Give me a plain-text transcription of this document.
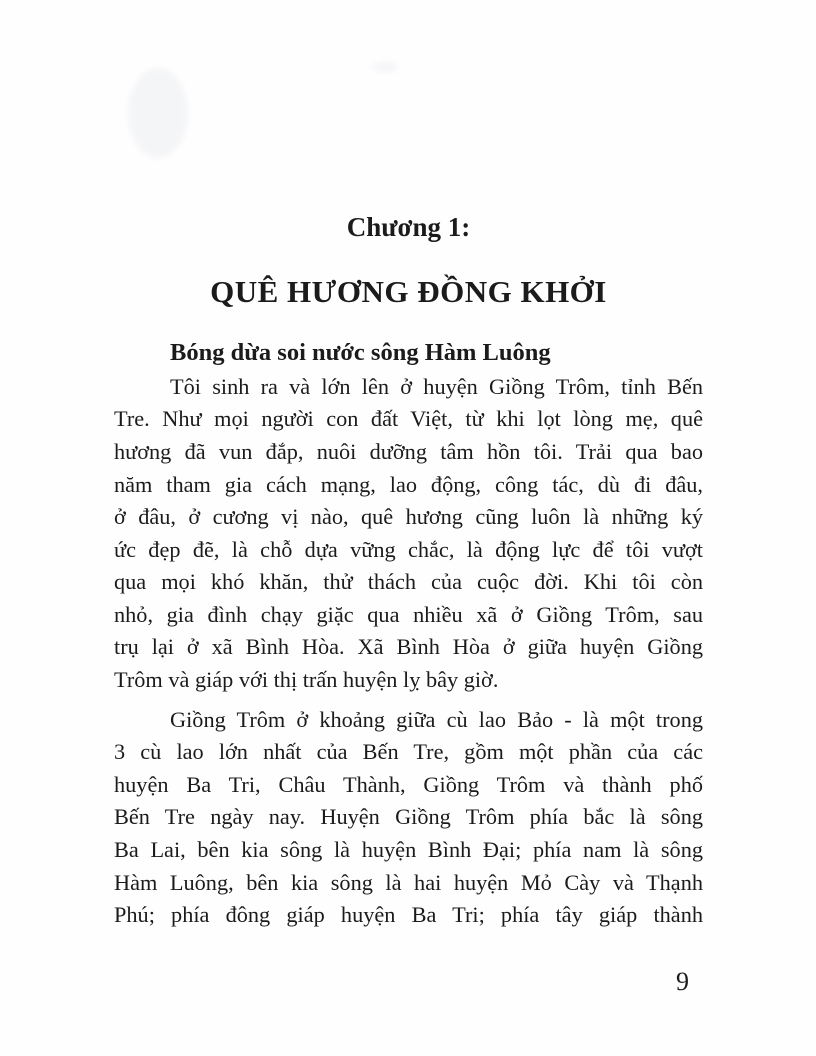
Chương 1:
QUÊ HƯƠNG ĐỒNG KHỞI
Bóng dừa soi nước sông Hàm Luông
Tôi sinh ra và lớn lên ở huyện Giồng Trôm, tỉnh Bến
Tre. Như mọi người con đất Việt, từ khi lọt lòng mẹ, quê
hương đã vun đắp, nuôi dưỡng tâm hồn tôi. Trải qua bao
năm tham gia cách mạng, lao động, công tác, dù đi đâu,
ở đâu, ở cương vị nào, quê hương cũng luôn là những ký
ức đẹp đẽ, là chỗ dựa vững chắc, là động lực để tôi vượt
qua mọi khó khăn, thử thách của cuộc đời. Khi tôi còn
nhỏ, gia đình chạy giặc qua nhiều xã ở Giồng Trôm, sau
trụ lại ở xã Bình Hòa. Xã Bình Hòa ở giữa huyện Giồng
Trôm và giáp với thị trấn huyện lỵ bây giờ.
Giồng Trôm ở khoảng giữa cù lao Bảo - là một trong
3 cù lao lớn nhất của Bến Tre, gồm một phần của các
huyện Ba Tri, Châu Thành, Giồng Trôm và thành phố
Bến Tre ngày nay. Huyện Giồng Trôm phía bắc là sông
Ba Lai, bên kia sông là huyện Bình Đại; phía nam là sông
Hàm Luông, bên kia sông là hai huyện Mỏ Cày và Thạnh
Phú; phía đông giáp huyện Ba Tri; phía tây giáp thành
9
